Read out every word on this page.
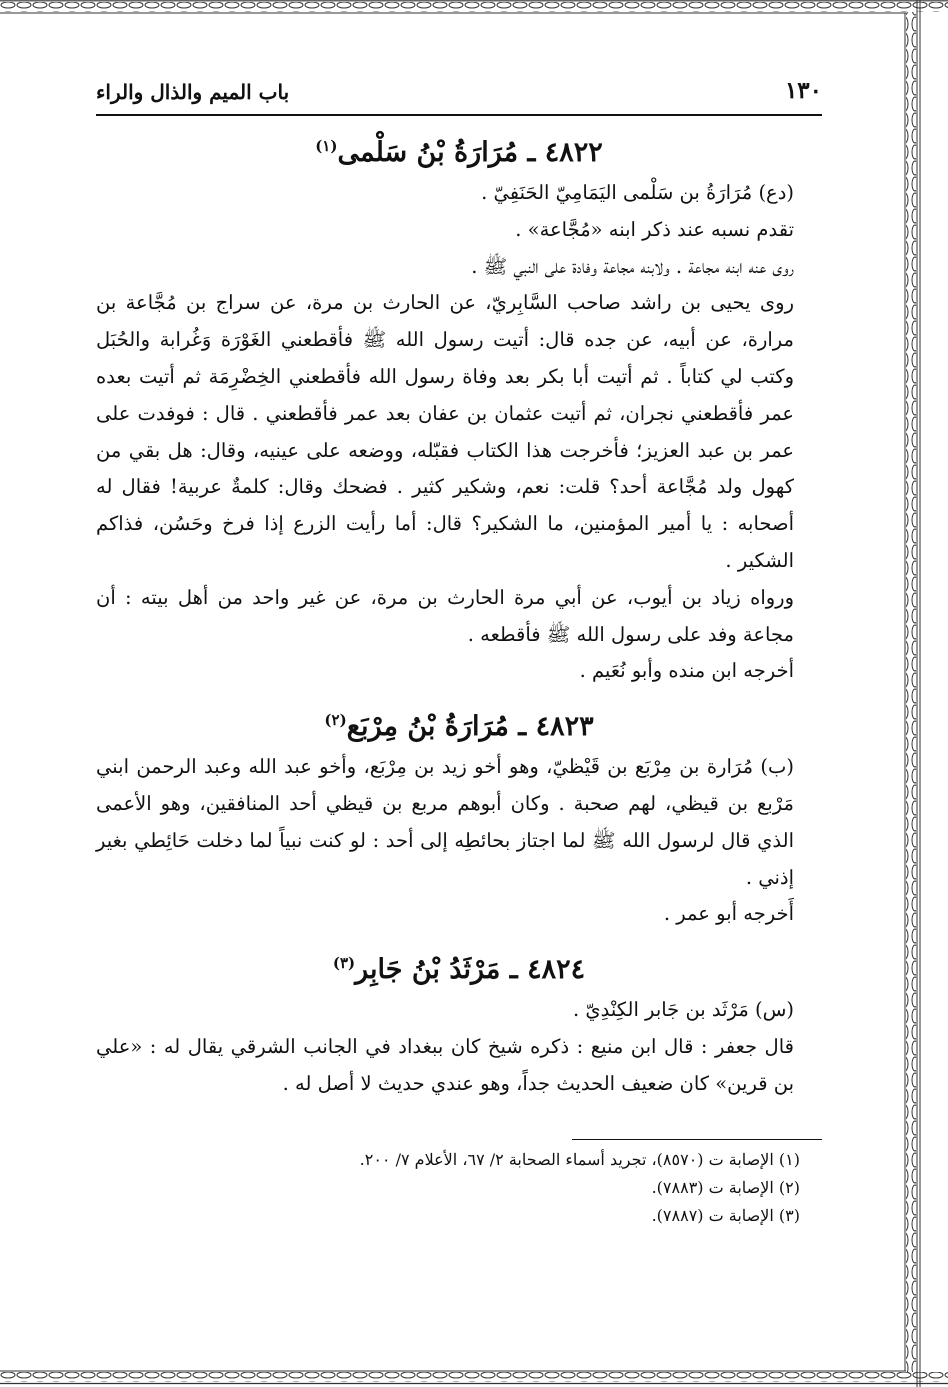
١٣٠
باب الميم والذال والراء
٤٨٢٢ ـ مُرَارَةُ بْنُ سَلْمى$^{(١)}$

(دع) مُرَارَةُ بن سَلْمى اليَمَامِيّ الحَنَفِيّ .

تقدم نسبه عند ذكر ابنه «مُجَّاعة» .

روى عنه ابنه مجاعة . ولابنه مجاعة وفادة على النبي ﷺ .

روى يحيى بن راشد صاحب السَّابِريّ، عن الحارث بن مرة، عن سراج بن مُجَّاعة بن مرارة، عن أبيه، عن جده قال: أتيت رسول الله ﷺ فأقطعني الغَوْرَة وَغُرابة والحُبَل وكتب لي كتاباً . ثم أتيت أبا بكر بعد وفاة رسول الله فأقطعني الخِضْرِمَة ثم أتيت بعده عمر فأقطعني نجران، ثم أتيت عثمان بن عفان بعد عمر فأقطعني . قال : فوفدت على عمر بن عبد العزيز؛ فأخرجت هذا الكتاب فقبّله، ووضعه على عينيه، وقال: هل بقي من كهول ولد مُجَّاعة أحد؟ قلت: نعم، وشكير كثير . فضحك وقال: كلمةٌ عربية! فقال له أصحابه : يا أمير المؤمنين، ما الشكير؟ قال: أما رأيت الزرع إذا فرخ وحَسُن، فذاكم الشكير .

ورواه زياد بن أيوب، عن أبي مرة الحارث بن مرة، عن غير واحد من أهل بيته : أن مجاعة وفد على رسول الله ﷺ فأقطعه .

أخرجه ابن منده وأبو نُعَيم .

٤٨٢٣ ـ مُرَارَةُ بْنُ مِرْبَع$^{(٢)}$

(ب) مُرَارة بن مِرْبَع بن قَيْظيّ، وهو أخو زيد بن مِرْبَع، وأخو عبد الله وعبد الرحمن ابني مَرْبع بن قيظي، لهم صحبة . وكان أبوهم مربع بن قيظي أحد المنافقين، وهو الأعمى الذي قال لرسول الله ﷺ لما اجتاز بحائطِه إلى أحد : لو كنت نبياً لما دخلت حَائِطي بغير إذني .

أَخرجه أبو عمر .

٤٨٢٤ ـ مَرْثَدُ بْنُ جَابِر$^{(٣)}$

(س) مَرْثَد بن جَابر الكِنْدِيّ .

قال جعفر : قال ابن منيع : ذكره شيخ كان ببغداد في الجانب الشرقي يقال له : «علي بن قرين» كان ضعيف الحديث جداً، وهو عندي حديث لا أصل له .

(١) الإصابة ت (٨٥٧٠)، تجريد أسماء الصحابة ٢/ ٦٧، الأعلام ٧/ ٢٠٠.
(٢) الإصابة ت (٧٨٨٣).
(٣) الإصابة ت (٧٨٨٧).
